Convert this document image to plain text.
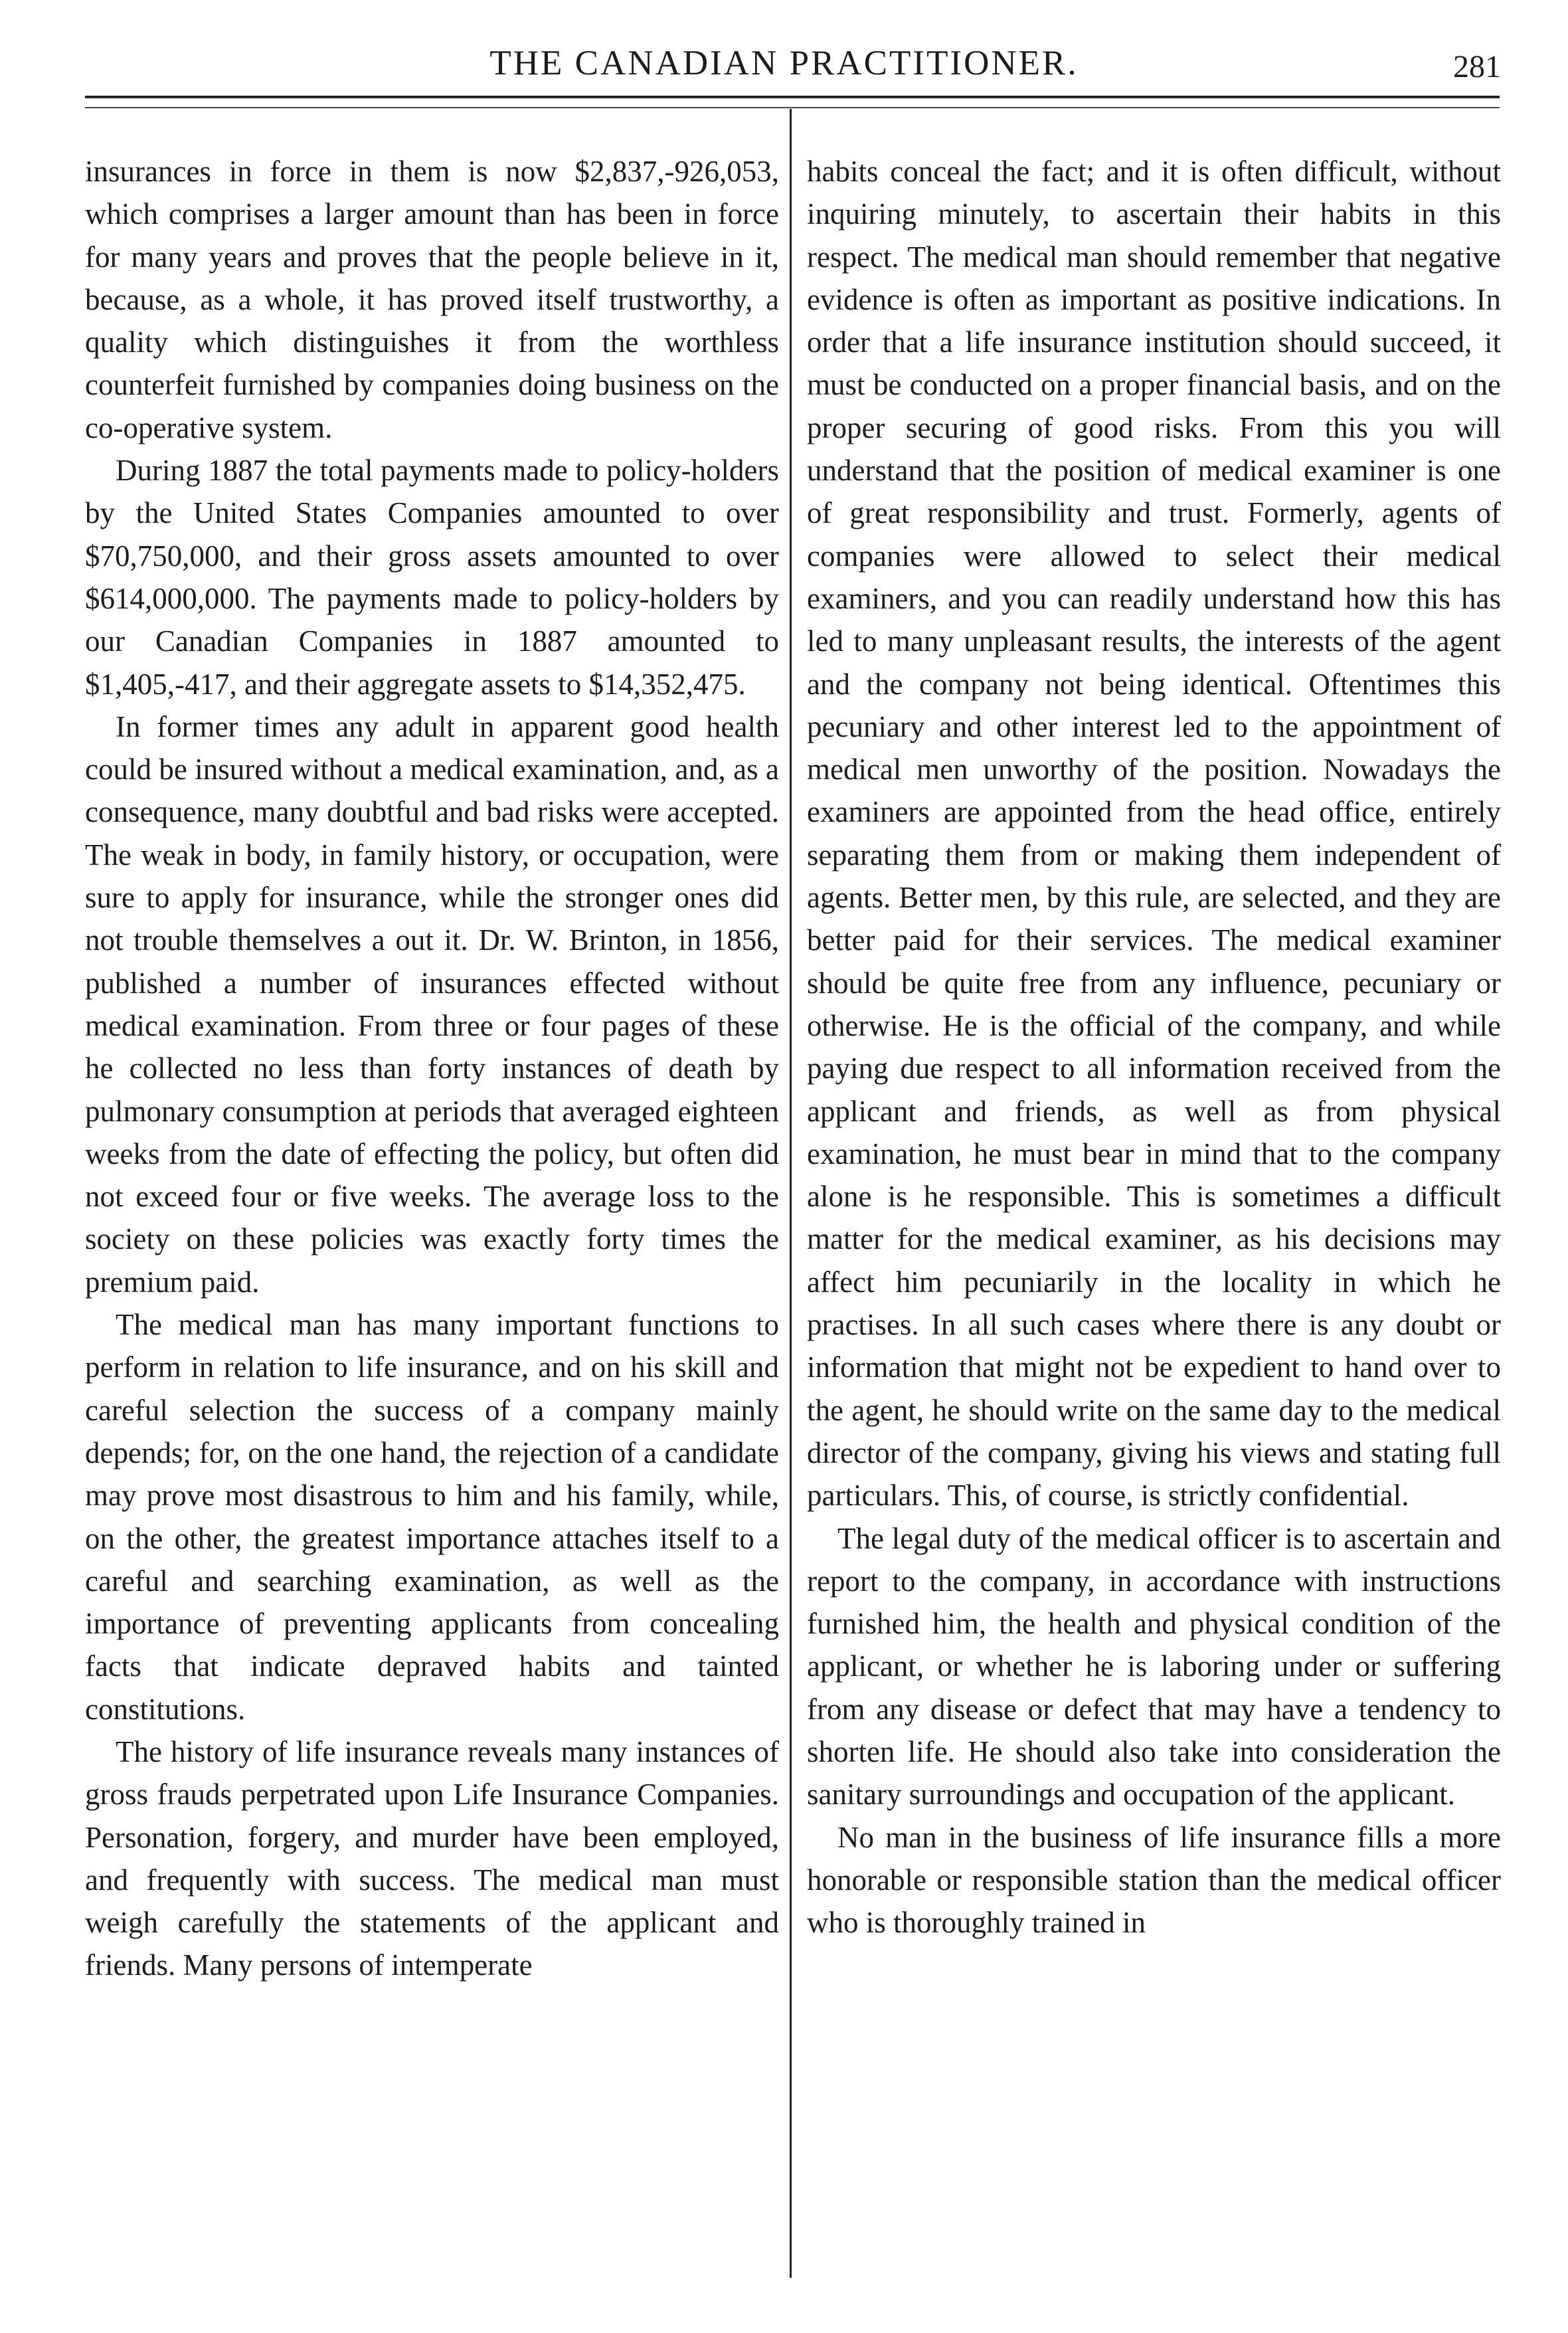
THE CANADIAN PRACTITIONER.	281

insurances in force in them is now $2,837,-926,053, which comprises a larger amount than has been in force for many years and proves that the people believe in it, because, as a whole, it has proved itself trustworthy, a quality which distinguishes it from the worthless counterfeit furnished by companies doing business on the co-operative system.

During 1887 the total payments made to policy-holders by the United States Companies amounted to over $70,750,000, and their gross assets amounted to over $614,000,000. The payments made to policy-holders by our Canadian Companies in 1887 amounted to $1,405,-417, and their aggregate assets to $14,352,475.

In former times any adult in apparent good health could be insured without a medical examination, and, as a consequence, many doubtful and bad risks were accepted. The weak in body, in family history, or occupation, were sure to apply for insurance, while the stronger ones did not trouble themselves a out it. Dr. W. Brinton, in 1856, published a number of insurances effected without medical examination. From three or four pages of these he collected no less than forty instances of death by pulmonary consumption at periods that averaged eighteen weeks from the date of effecting the policy, but often did not exceed four or five weeks. The average loss to the society on these policies was exactly forty times the premium paid.

The medical man has many important functions to perform in relation to life insurance, and on his skill and careful selection the success of a company mainly depends; for, on the one hand, the rejection of a candidate may prove most disastrous to him and his family, while, on the other, the greatest importance attaches itself to a careful and searching examination, as well as the importance of preventing applicants from concealing facts that indicate depraved habits and tainted constitutions.

The history of life insurance reveals many instances of gross frauds perpetrated upon Life Insurance Companies. Personation, forgery, and murder have been employed, and frequently with success. The medical man must weigh carefully the statements of the applicant and friends. Many persons of intemperate

habits conceal the fact; and it is often difficult, without inquiring minutely, to ascertain their habits in this respect. The medical man should remember that negative evidence is often as important as positive indications. In order that a life insurance institution should succeed, it must be conducted on a proper financial basis, and on the proper securing of good risks. From this you will understand that the position of medical examiner is one of great responsibility and trust. Formerly, agents of companies were allowed to select their medical examiners, and you can readily understand how this has led to many unpleasant results, the interests of the agent and the company not being identical. Oftentimes this pecuniary and other interest led to the appointment of medical men unworthy of the position. Nowadays the examiners are appointed from the head office, entirely separating them from or making them independent of agents. Better men, by this rule, are selected, and they are better paid for their services. The medical examiner should be quite free from any influence, pecuniary or otherwise. He is the official of the company, and while paying due respect to all information received from the applicant and friends, as well as from physical examination, he must bear in mind that to the company alone is he responsible. This is sometimes a difficult matter for the medical examiner, as his decisions may affect him pecuniarily in the locality in which he practises. In all such cases where there is any doubt or information that might not be expedient to hand over to the agent, he should write on the same day to the medical director of the company, giving his views and stating full particulars. This, of course, is strictly confidential.

The legal duty of the medical officer is to ascertain and report to the company, in accordance with instructions furnished him, the health and physical condition of the applicant, or whether he is laboring under or suffering from any disease or defect that may have a tendency to shorten life. He should also take into consideration the sanitary surroundings and occupation of the applicant.

No man in the business of life insurance fills a more honorable or responsible station than the medical officer who is thoroughly trained in
